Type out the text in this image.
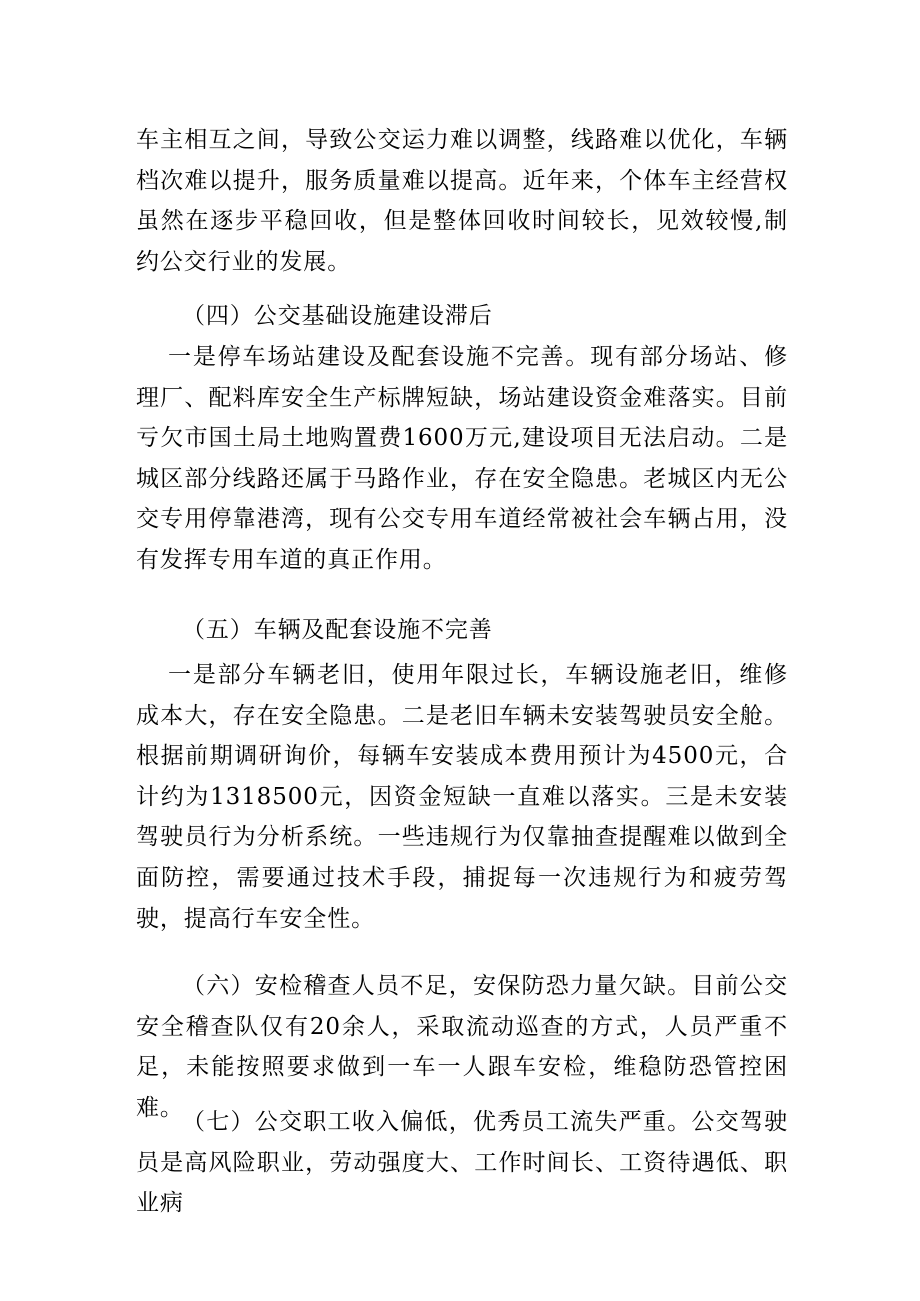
车主相互之间，导致公交运力难以调整，线路难以优化，车辆档次难以提升，服务质量难以提高。近年来，个体车主经营权虽然在逐步平稳回收，但是整体回收时间较长，见效较慢,制约公交行业的发展。

（四）公交基础设施建设滞后

一是停车场站建设及配套设施不完善。现有部分场站、修理厂、配料库安全生产标牌短缺，场站建设资金难落实。目前亏欠市国土局土地购置费1600万元,建设项目无法启动。二是城区部分线路还属于马路作业，存在安全隐患。老城区内无公交专用停靠港湾，现有公交专用车道经常被社会车辆占用，没有发挥专用车道的真正作用。

（五）车辆及配套设施不完善

一是部分车辆老旧，使用年限过长，车辆设施老旧，维修成本大，存在安全隐患。二是老旧车辆未安装驾驶员安全舱。根据前期调研询价，每辆车安装成本费用预计为4500元，合计约为1318500元，因资金短缺一直难以落实。三是未安装驾驶员行为分析系统。一些违规行为仅靠抽查提醒难以做到全面防控，需要通过技术手段，捕捉每一次违规行为和疲劳驾驶，提高行车安全性。

（六）安检稽查人员不足，安保防恐力量欠缺。目前公交安全稽查队仅有20余人，采取流动巡查的方式，人员严重不足，未能按照要求做到一车一人跟车安检，维稳防恐管控困难。

（七）公交职工收入偏低，优秀员工流失严重。公交驾驶员是高风险职业，劳动强度大、工作时间长、工资待遇低、职业病
